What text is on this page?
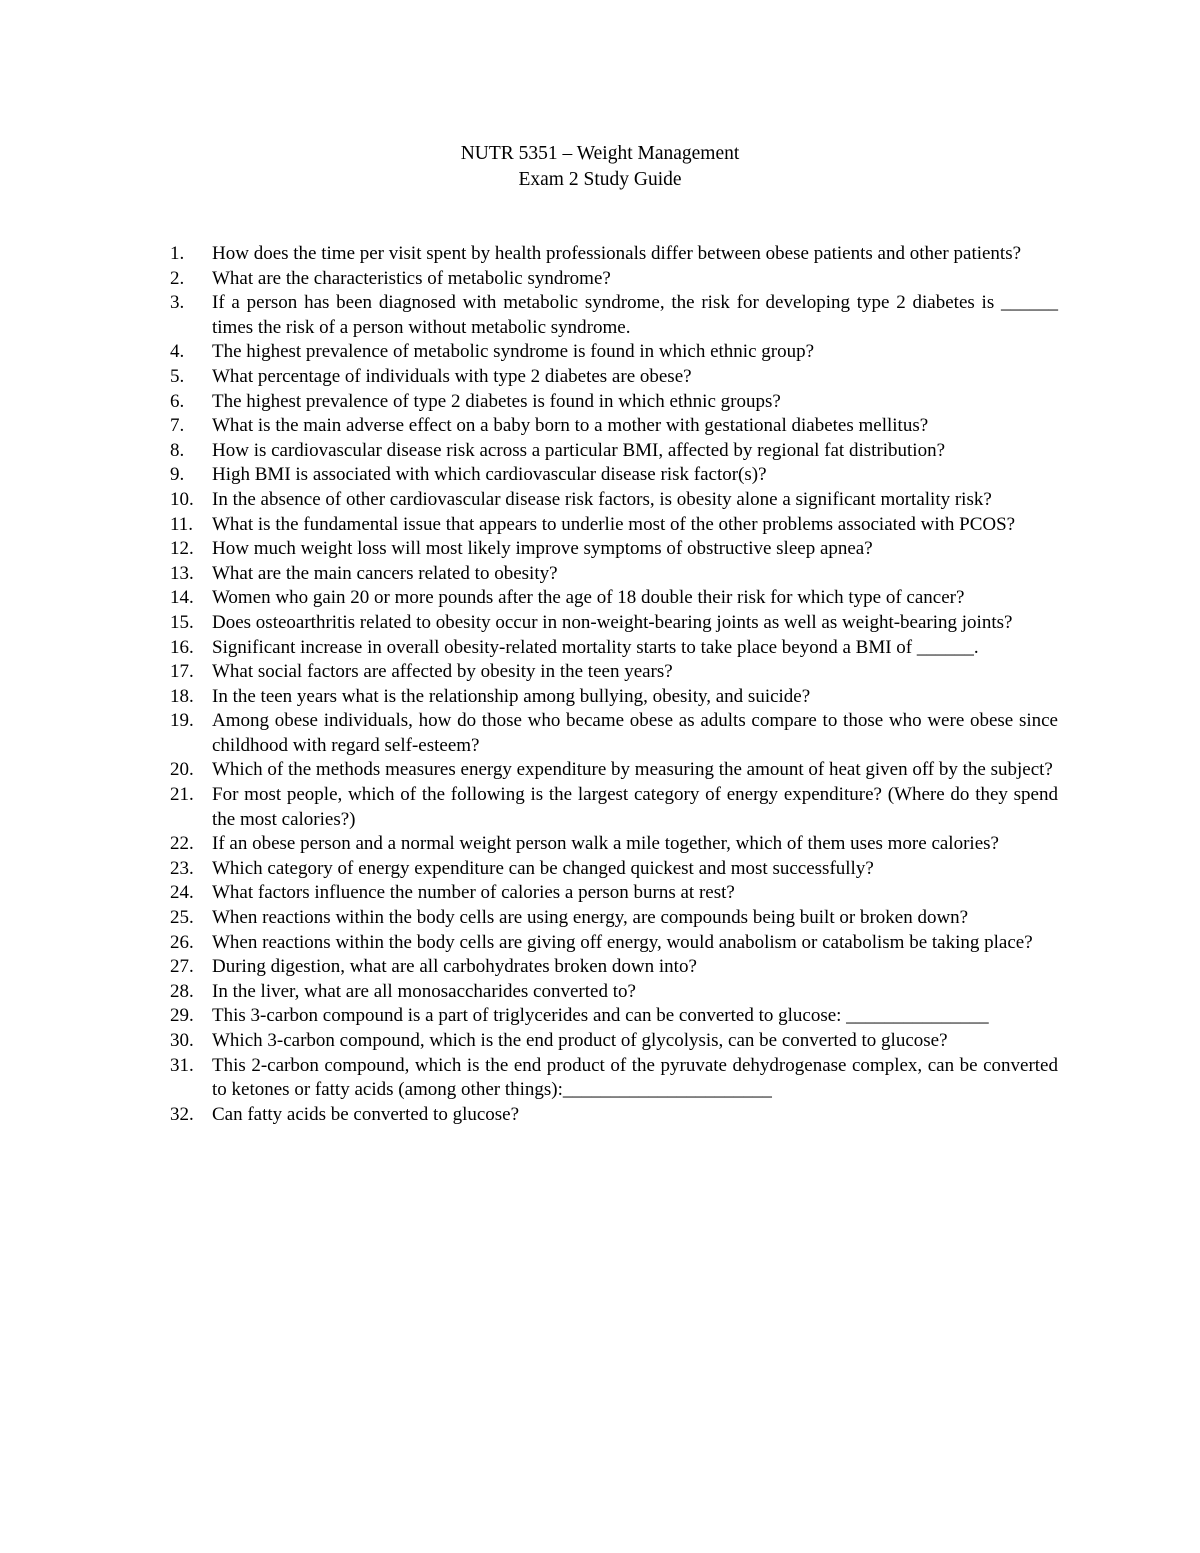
NUTR 5351 – Weight Management
Exam 2 Study Guide
1.	How does the time per visit spent by health professionals differ between obese patients and other patients?
2.	What are the characteristics of metabolic syndrome?
3.	If a person has been diagnosed with metabolic syndrome, the risk for developing type 2 diabetes is ______ times the risk of a person without metabolic syndrome.
4.	The highest prevalence of metabolic syndrome is found in which ethnic group?
5.	What percentage of individuals with type 2 diabetes are obese?
6.	The highest prevalence of type 2 diabetes is found in which ethnic groups?
7.	What is the main adverse effect on a baby born to a mother with gestational diabetes mellitus?
8.	How is cardiovascular disease risk across a particular BMI, affected by regional fat distribution?
9.	High BMI is associated with which cardiovascular disease risk factor(s)?
10. In the absence of other cardiovascular disease risk factors, is obesity alone a significant mortality risk?
11. What is the fundamental issue that appears to underlie most of the other problems associated with PCOS?
12. How much weight loss will most likely improve symptoms of obstructive sleep apnea?
13. What are the main cancers related to obesity?
14. Women who gain 20 or more pounds after the age of 18 double their risk for which type of cancer?
15. Does osteoarthritis related to obesity occur in non-weight-bearing joints as well as weight-bearing joints?
16. Significant increase in overall obesity-related mortality starts to take place beyond a BMI of ______.
17. What social factors are affected by obesity in the teen years?
18. In the teen years what is the relationship among bullying, obesity, and suicide?
19. Among obese individuals, how do those who became obese as adults compare to those who were obese since childhood with regard self-esteem?
20. Which of the methods measures energy expenditure by measuring the amount of heat given off by the subject?
21. For most people, which of the following is the largest category of energy expenditure? (Where do they spend the most calories?)
22. If an obese person and a normal weight person walk a mile together, which of them uses more calories?
23. Which category of energy expenditure can be changed quickest and most successfully?
24. What factors influence the number of calories a person burns at rest?
25. When reactions within the body cells are using energy, are compounds being built or broken down?
26. When reactions within the body cells are giving off energy, would anabolism or catabolism be taking place?
27. During digestion, what are all carbohydrates broken down into?
28. In the liver, what are all monosaccharides converted to?
29. This 3-carbon compound is a part of triglycerides and can be converted to glucose: _______________
30. Which 3-carbon compound, which is the end product of glycolysis, can be converted to glucose?
31. This 2-carbon compound, which is the end product of the pyruvate dehydrogenase complex, can be converted to ketones or fatty acids (among other things):______________________
32. Can fatty acids be converted to glucose?
